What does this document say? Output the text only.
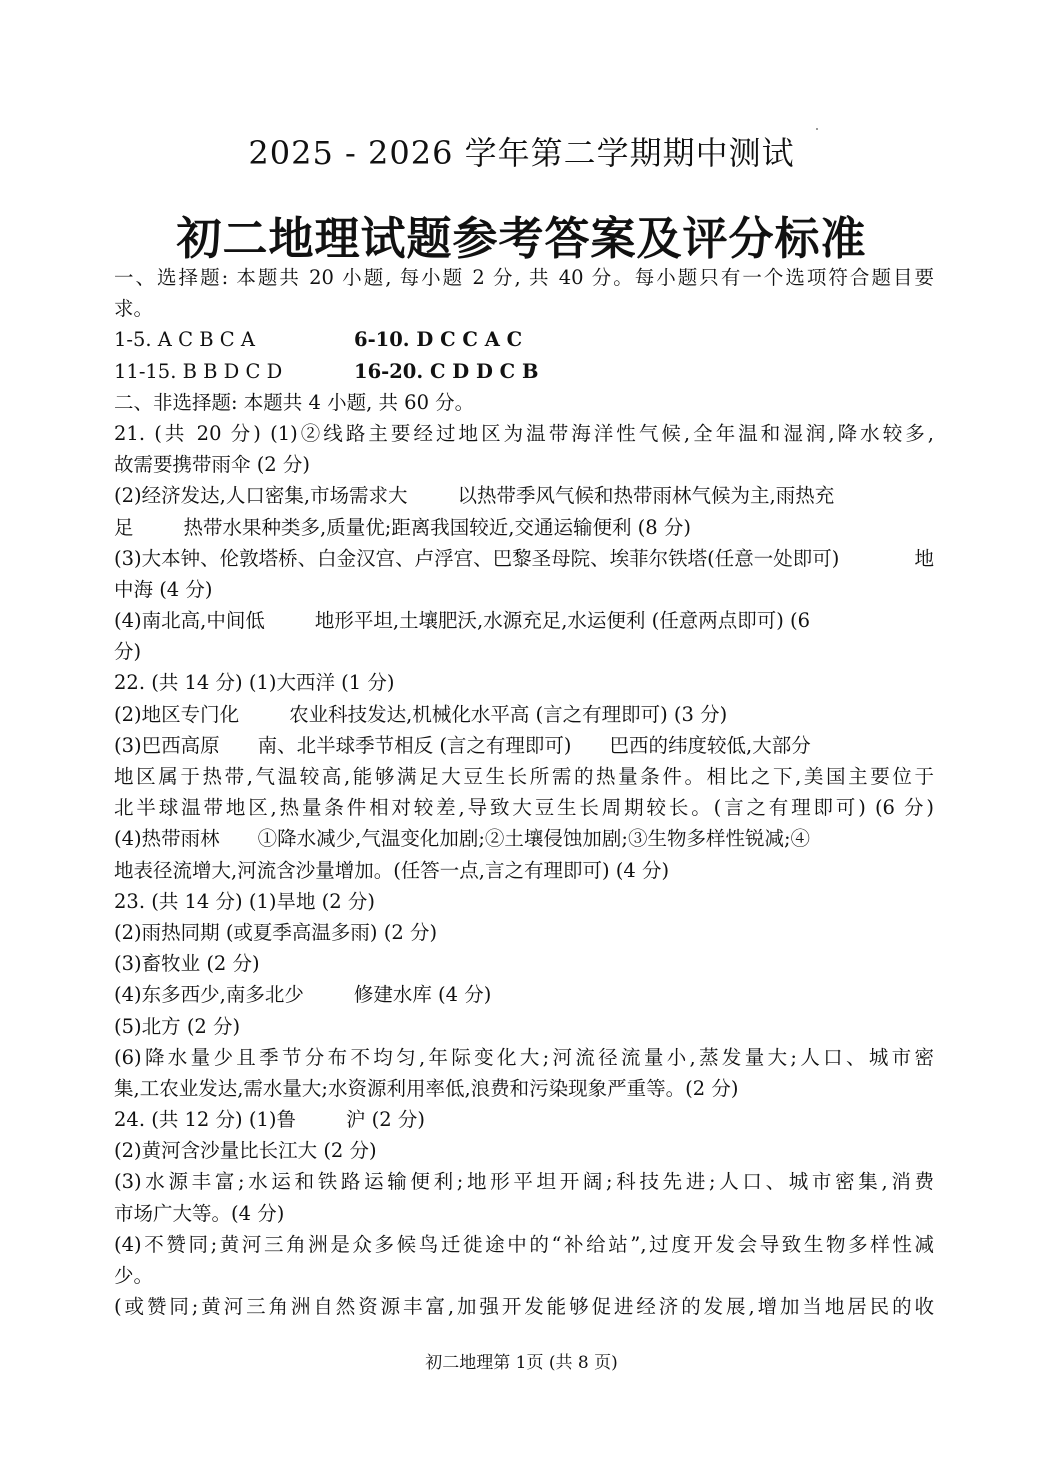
2025 - 2026 学年第二学期期中测试
初二地理试题参考答案及评分标准
一、选择题: 本题共 20 小题, 每小题 2 分, 共 40 分。每小题只有一个选项符合题目要
求。
1-5. A C B C A	6-10. D C C A C
11-15. B B D C D	16-20. C D D C B
二、非选择题: 本题共 4 小题, 共 60 分。
21. (共 20 分) (1)②线路主要经过地区为温带海洋性气候,全年温和湿润,降水较多,
故需要携带雨伞 (2 分)
(2)经济发达,人口密集,市场需求大	以热带季风气候和热带雨林气候为主,雨热充
足	热带水果种类多,质量优;距离我国较近,交通运输便利 (8 分)
(3)大本钟、伦敦塔桥、白金汉宫、卢浮宫、巴黎圣母院、埃菲尔铁塔(任意一处即可)	地
中海 (4 分)
(4)南北高,中间低	地形平坦,土壤肥沃,水源充足,水运便利 (任意两点即可) (6
分)
22. (共 14 分) (1)大西洋 (1 分)
(2)地区专门化	农业科技发达,机械化水平高 (言之有理即可) (3 分)
(3)巴西高原 南、北半球季节相反 (言之有理即可) 巴西的纬度较低,大部分
地区属于热带,气温较高,能够满足大豆生长所需的热量条件。相比之下,美国主要位于
北半球温带地区,热量条件相对较差,导致大豆生长周期较长。(言之有理即可) (6 分)
(4)热带雨林 ①降水减少,气温变化加剧;②土壤侵蚀加剧;③生物多样性锐减;④
地表径流增大,河流含沙量增加。(任答一点,言之有理即可) (4 分)
23. (共 14 分) (1)旱地 (2 分)
(2)雨热同期 (或夏季高温多雨) (2 分)
(3)畜牧业 (2 分)
(4)东多西少,南多北少	修建水库 (4 分)
(5)北方 (2 分)
(6)降水量少且季节分布不均匀,年际变化大;河流径流量小,蒸发量大;人口、城市密
集,工农业发达,需水量大;水资源利用率低,浪费和污染现象严重等。(2 分)
24. (共 12 分) (1)鲁	沪 (2 分)
(2)黄河含沙量比长江大 (2 分)
(3)水源丰富;水运和铁路运输便利;地形平坦开阔;科技先进;人口、城市密集,消费
市场广大等。(4 分)
(4)不赞同;黄河三角洲是众多候鸟迁徙途中的“补给站”,过度开发会导致生物多样性减
少。
(或赞同;黄河三角洲自然资源丰富,加强开发能够促进经济的发展,增加当地居民的收
初二地理第 1页 (共 8 页)
